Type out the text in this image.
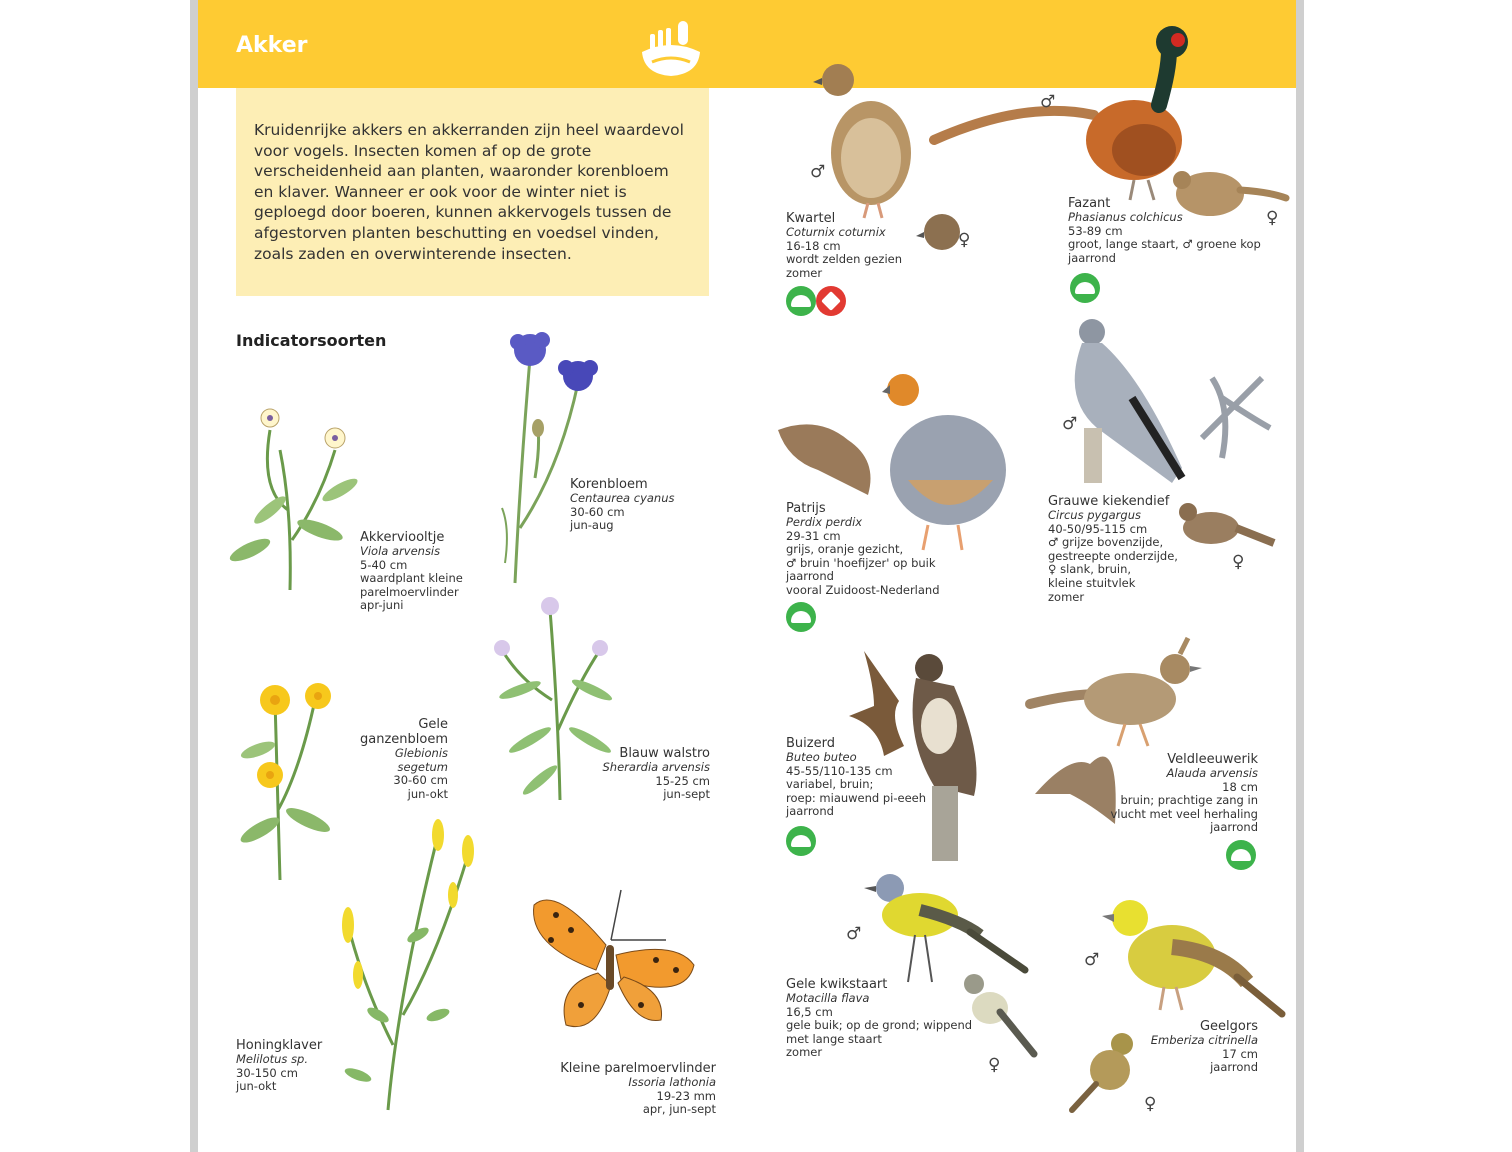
Akker
Kruidenrijke akkers en akkerranden zijn heel waardevol voor vogels. Insecten komen af op de grote verscheidenheid aan planten, waaronder korenbloem en klaver. Wanneer er ook voor de winter niet is geploegd door boeren, kunnen akkervogels tussen de afgestorven planten beschutting en voedsel vinden, zoals zaden en overwinterende insecten.
Indicatorsoorten
Akkerviooltje
Viola arvensis
5-40 cm
waardplant kleine
parelmoervlinder
apr-juni
Korenbloem
Centaurea cyanus
30-60 cm
jun-aug
Gele
ganzenbloem
Glebionis segetum
30-60 cm
jun-okt
Blauw walstro
Sherardia arvensis
15-25 cm
jun-sept
Honingklaver
Melilotus sp.
30-150 cm
jun-okt
Kleine parelmoervlinder
Issoria lathonia
19-23 mm
apr, jun-sept
♂
♀
Kwartel
Coturnix coturnix
16-18 cm
wordt zelden gezien
zomer
♂
♀
Fazant
Phasianus colchicus
53-89 cm
groot, lange staart, ♂ groene kop
jaarrond
Patrijs
Perdix perdix
29-31 cm
grijs, oranje gezicht,
♂ bruin 'hoefijzer' op buik
jaarrond
vooral Zuidoost-Nederland
♂
♀
Grauwe kiekendief
Circus pygargus
40-50/95-115 cm
♂ grijze bovenzijde,
gestreepte onderzijde,
♀ slank, bruin,
kleine stuitvlek
zomer
Buizerd
Buteo buteo
45-55/110-135 cm
variabel, bruin;
roep: miauwend pi-eeeh
jaarrond
Veldleeuwerik
Alauda arvensis
18 cm
bruin; prachtige zang in
vlucht met veel herhaling
jaarrond
♂
♀
Gele kwikstaart
Motacilla flava
16,5 cm
gele buik; op de grond; wippend
met lange staart
zomer
♂
♀
Geelgors
Emberiza citrinella
17 cm
jaarrond
